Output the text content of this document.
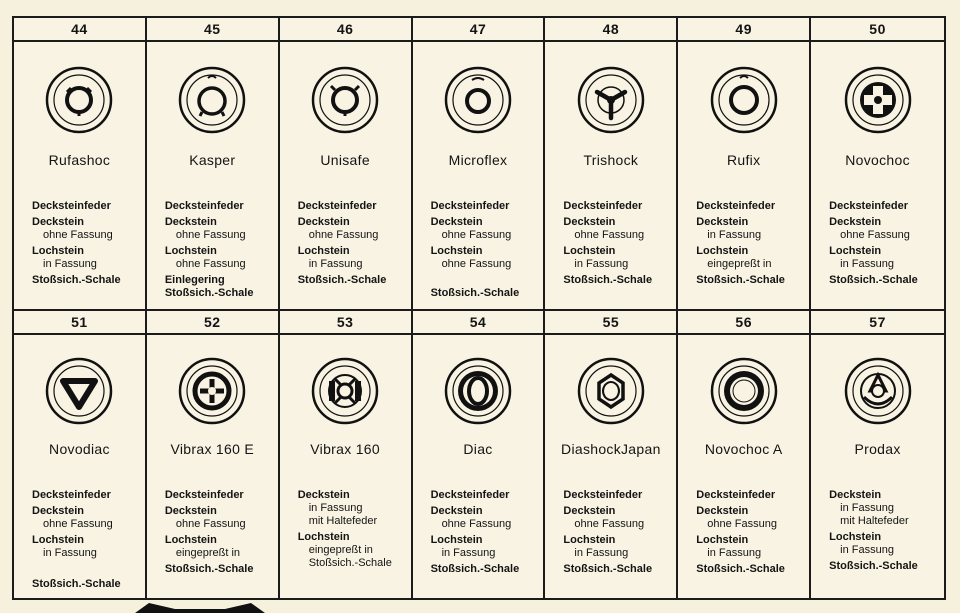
44
Rufashoc
Decksteinfeder
Deckstein
ohne Fassung
Lochstein
in Fassung
Stoßsich.-Schale
45
Kasper
Decksteinfeder
Deckstein
ohne Fassung
Lochstein
ohne Fassung
Einlegering
Stoßsich.-Schale
46
Unisafe
Decksteinfeder
Deckstein
ohne Fassung
Lochstein
in Fassung
Stoßsich.-Schale
47
Microflex
Decksteinfeder
Deckstein
ohne Fassung
Lochstein
ohne Fassung
Stoßsich.-Schale
48
Trishock
Decksteinfeder
Deckstein
ohne Fassung
Lochstein
in Fassung
Stoßsich.-Schale
49
Rufix
Decksteinfeder
Deckstein
in Fassung
Lochstein
eingepreßt in
Stoßsich.-Schale
50
Novochoc
Decksteinfeder
Deckstein
ohne Fassung
Lochstein
in Fassung
Stoßsich.-Schale
51
Novodiac
Decksteinfeder
Deckstein
ohne Fassung
Lochstein
in Fassung
Stoßsich.-Schale
52
Vibrax 160 E
Decksteinfeder
Deckstein
ohne Fassung
Lochstein
eingepreßt in
Stoßsich.-Schale
53
Vibrax 160
Deckstein
in Fassung
mit Haltefeder
Lochstein
eingepreßt in
Stoßsich.-Schale
54
Diac
Decksteinfeder
Deckstein
ohne Fassung
Lochstein
in Fassung
Stoßsich.-Schale
55
DiashockJapan
Decksteinfeder
Deckstein
ohne Fassung
Lochstein
in Fassung
Stoßsich.-Schale
56
Novochoc A
Decksteinfeder
Deckstein
ohne Fassung
Lochstein
in Fassung
Stoßsich.-Schale
57
Prodax
Deckstein
in Fassung
mit Haltefeder
Lochstein
in Fassung
Stoßsich.-Schale
